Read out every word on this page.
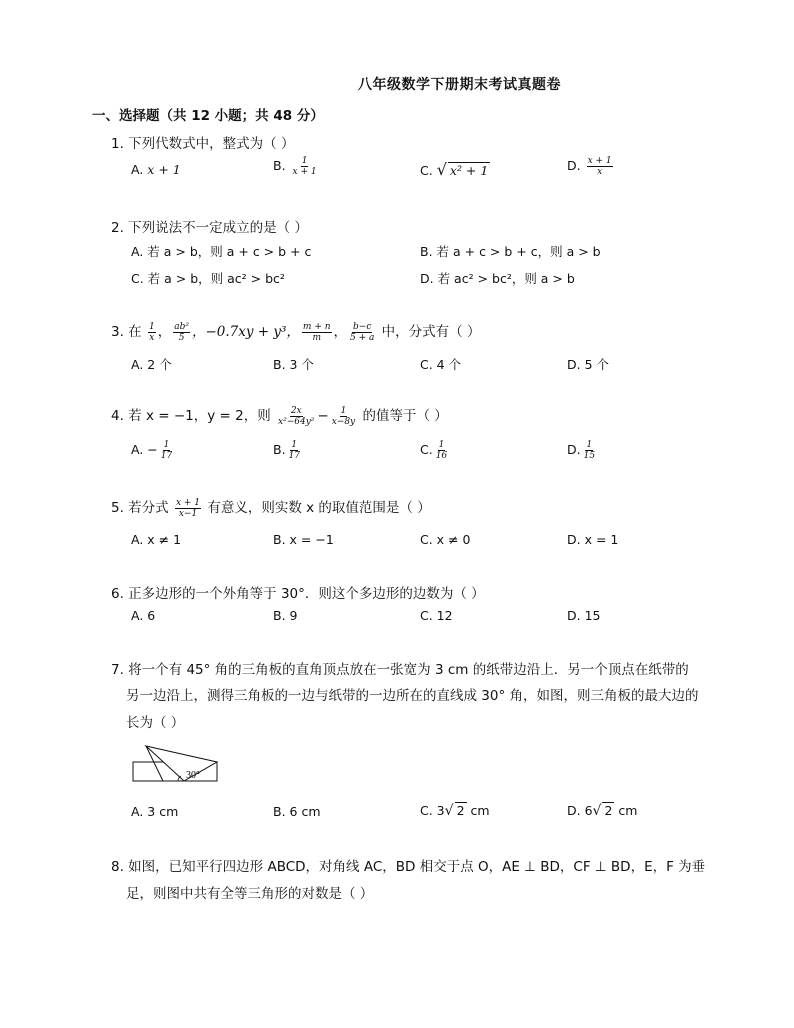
八年级数学下册期末考试真题卷
一、选择题（共 12 小题；共 48 分）
1. 下列代数式中，整式为（ ）
A. x + 1	B. $\frac{1}{x + 1}$	C. √ x² + 1	D. $\frac{x + 1}{x}$
2. 下列说法不一定成立的是（ ）
A. 若 a > b，则 a + c > b + c	B. 若 a + c > b + c，则 a > b
C. 若 a > b，则 ac² > bc²	D. 若 ac² > bc²，则 a > b
3. 在 $\frac{1}{x}$ ， $\frac{\text{ab²}}{5}$ ，−0.7xy + y³， $\frac{m + n}{m}$ ， $\frac{b-c}{5 + a}$ 中，分式有（ ）
A. 2 个	B. 3 个	C. 4 个	D. 5 个
4. 若 x = −1，y = 2，则 $\frac{2x}{\text{x²−64y²}} - \frac{1}{x-8y}$ 的值等于（ ）
A. − $\frac{1}{17}$	B. $\frac{1}{17}$	C. $\frac{1}{16}$	D. $\frac{1}{15}$
5. 若分式 $\frac{x + 1}{x-1}$ 有意义，则实数 x 的取值范围是（ ）
A. x ≠ 1	B. x = −1	C. x ≠ 0	D. x = 1
6. 正多边形的一个外角等于 30°．则这个多边形的边数为（ ）
A. 6	B. 9	C. 12	D. 15
7. 将一个有 45° 角的三角板的直角顶点放在一张宽为 3 cm 的纸带边沿上．另一个顶点在纸带的
另一边沿上，测得三角板的一边与纸带的一边所在的直线成 30° 角，如图，则三角板的最大边的
长为（ ）
30°
A. 3 cm	B. 6 cm	C. 3√ 2 cm	D. 6√ 2 cm
8. 如图，已知平行四边形 ABCD，对角线 AC，BD 相交于点 O，AE ⊥ BD，CF ⊥ BD，E，F 为垂
足，则图中共有全等三角形的对数是（ ）
